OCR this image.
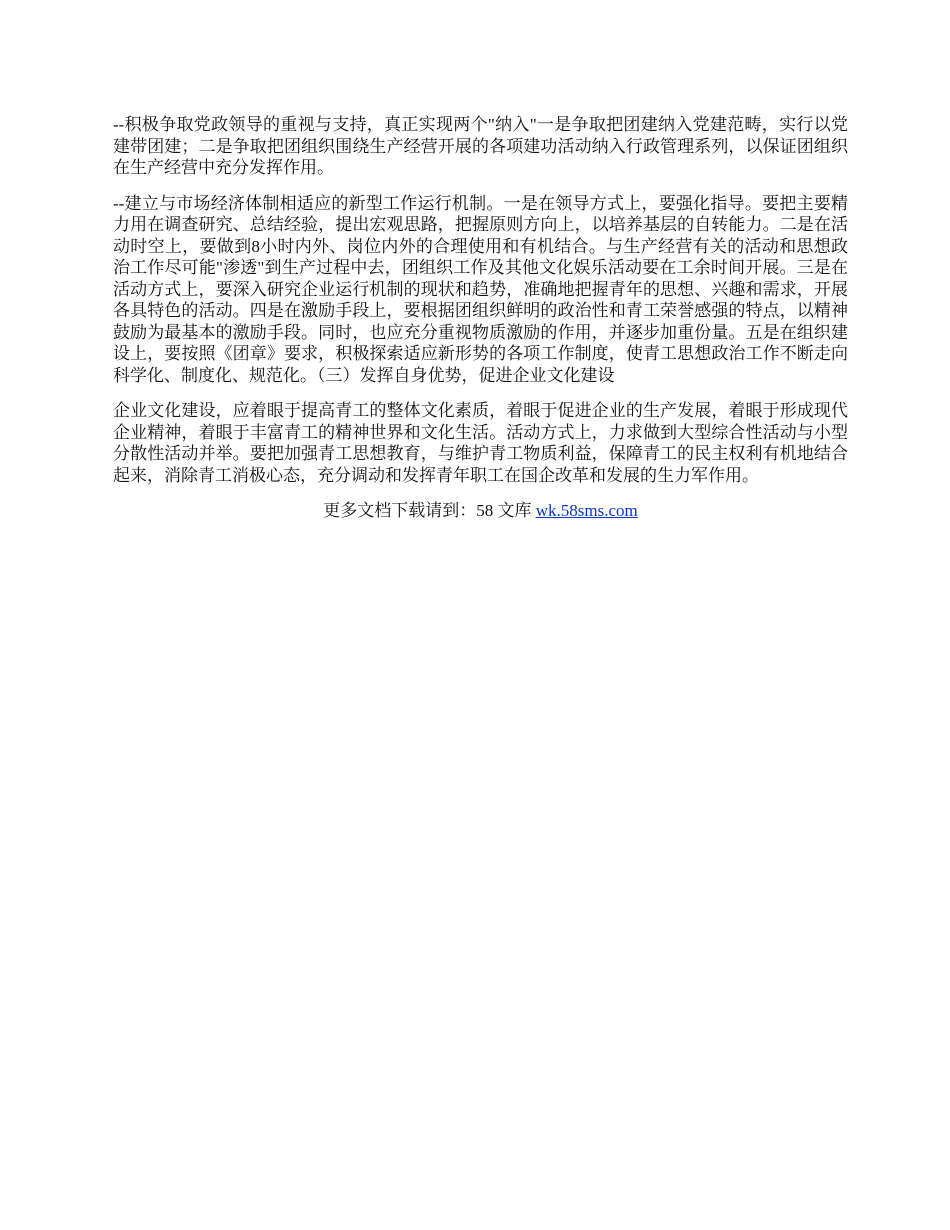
--积极争取党政领导的重视与支持，真正实现两个"纳入"一是争取把团建纳入党建范畴，实行以党建带团建；二是争取把团组织围绕生产经营开展的各项建功活动纳入行政管理系列，以保证团组织在生产经营中充分发挥作用。

--建立与市场经济体制相适应的新型工作运行机制。一是在领导方式上，要强化指导。要把主要精力用在调查研究、总结经验，提出宏观思路，把握原则方向上，以培养基层的自转能力。二是在活动时空上，要做到8小时内外、岗位内外的合理使用和有机结合。与生产经营有关的活动和思想政治工作尽可能"渗透"到生产过程中去，团组织工作及其他文化娱乐活动要在工余时间开展。三是在活动方式上，要深入研究企业运行机制的现状和趋势，准确地把握青年的思想、兴趣和需求，开展各具特色的活动。四是在激励手段上，要根据团组织鲜明的政治性和青工荣誉感强的特点，以精神鼓励为最基本的激励手段。同时，也应充分重视物质激励的作用，并逐步加重份量。五是在组织建设上，要按照《团章》要求，积极探索适应新形势的各项工作制度，使青工思想政治工作不断走向科学化、制度化、规范化。（三）发挥自身优势，促进企业文化建设

企业文化建设，应着眼于提高青工的整体文化素质，着眼于促进企业的生产发展，着眼于形成现代企业精神，着眼于丰富青工的精神世界和文化生活。活动方式上，力求做到大型综合性活动与小型分散性活动并举。要把加强青工思想教育，与维护青工物质利益，保障青工的民主权利有机地结合起来，消除青工消极心态，充分调动和发挥青年职工在国企改革和发展的生力军作用。

更多文档下载请到：58 文库 wk.58sms.com
